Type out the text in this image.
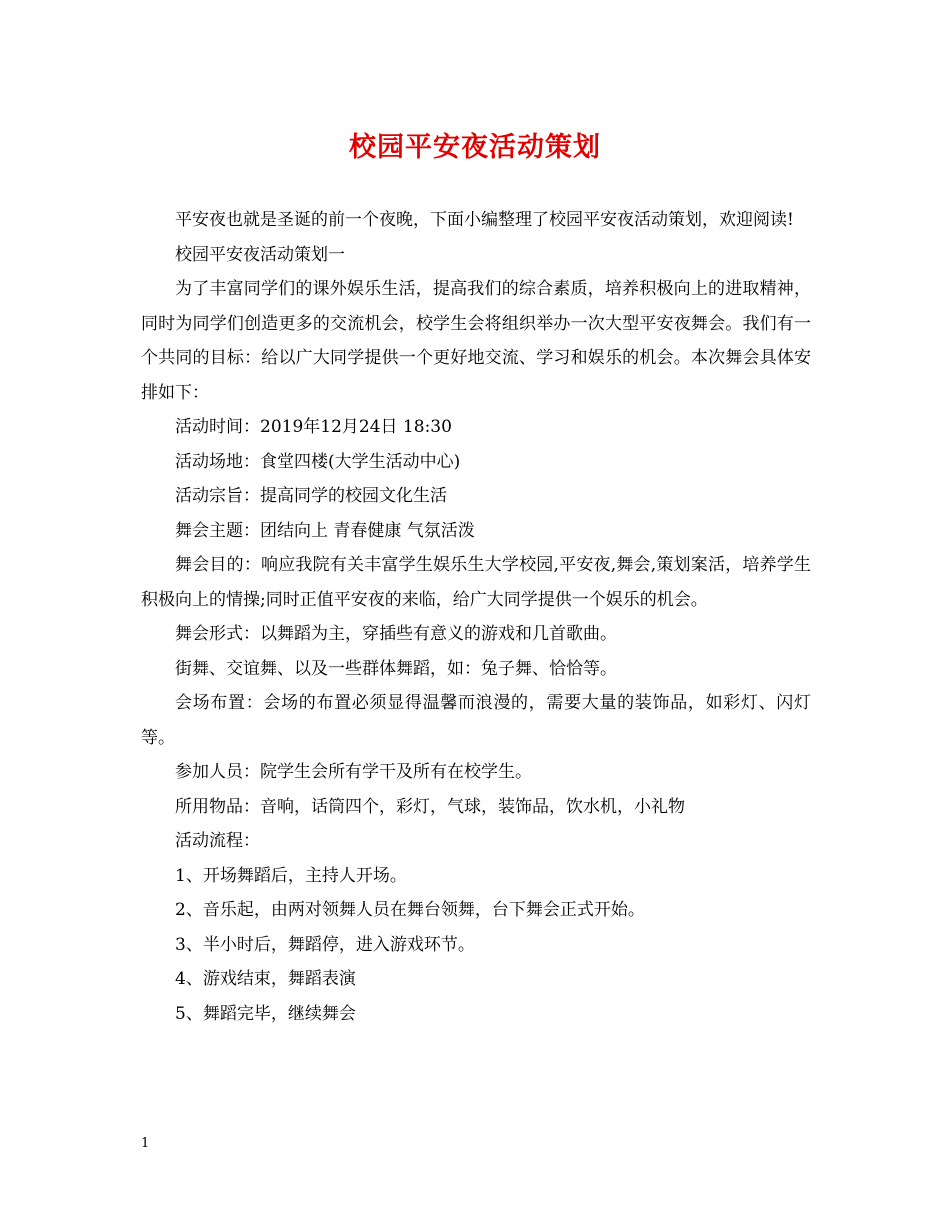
校园平安夜活动策划

平安夜也就是圣诞的前一个夜晚，下面小编整理了校园平安夜活动策划，欢迎阅读!

校园平安夜活动策划一

为了丰富同学们的课外娱乐生活，提高我们的综合素质，培养积极向上的进取精神，同时为同学们创造更多的交流机会，校学生会将组织举办一次大型平安夜舞会。我们有一个共同的目标：给以广大同学提供一个更好地交流、学习和娱乐的机会。本次舞会具体安排如下：

活动时间：2019年12月24日 18:30

活动场地：食堂四楼(大学生活动中心)

活动宗旨：提高同学的校园文化生活

舞会主题：团结向上 青春健康 气氛活泼

舞会目的：响应我院有关丰富学生娱乐生大学校园,平安夜,舞会,策划案活，培养学生积极向上的情操;同时正值平安夜的来临，给广大同学提供一个娱乐的机会。

舞会形式：以舞蹈为主，穿插些有意义的游戏和几首歌曲。

街舞、交谊舞、以及一些群体舞蹈，如：兔子舞、恰恰等。

会场布置：会场的布置必须显得温馨而浪漫的，需要大量的装饰品，如彩灯、闪灯等。

参加人员：院学生会所有学干及所有在校学生。

所用物品：音响，话筒四个，彩灯，气球，装饰品，饮水机，小礼物

活动流程：

1、开场舞蹈后，主持人开场。

2、音乐起，由两对领舞人员在舞台领舞，台下舞会正式开始。

3、半小时后，舞蹈停，进入游戏环节。

4、游戏结束，舞蹈表演

5、舞蹈完毕，继续舞会

1
